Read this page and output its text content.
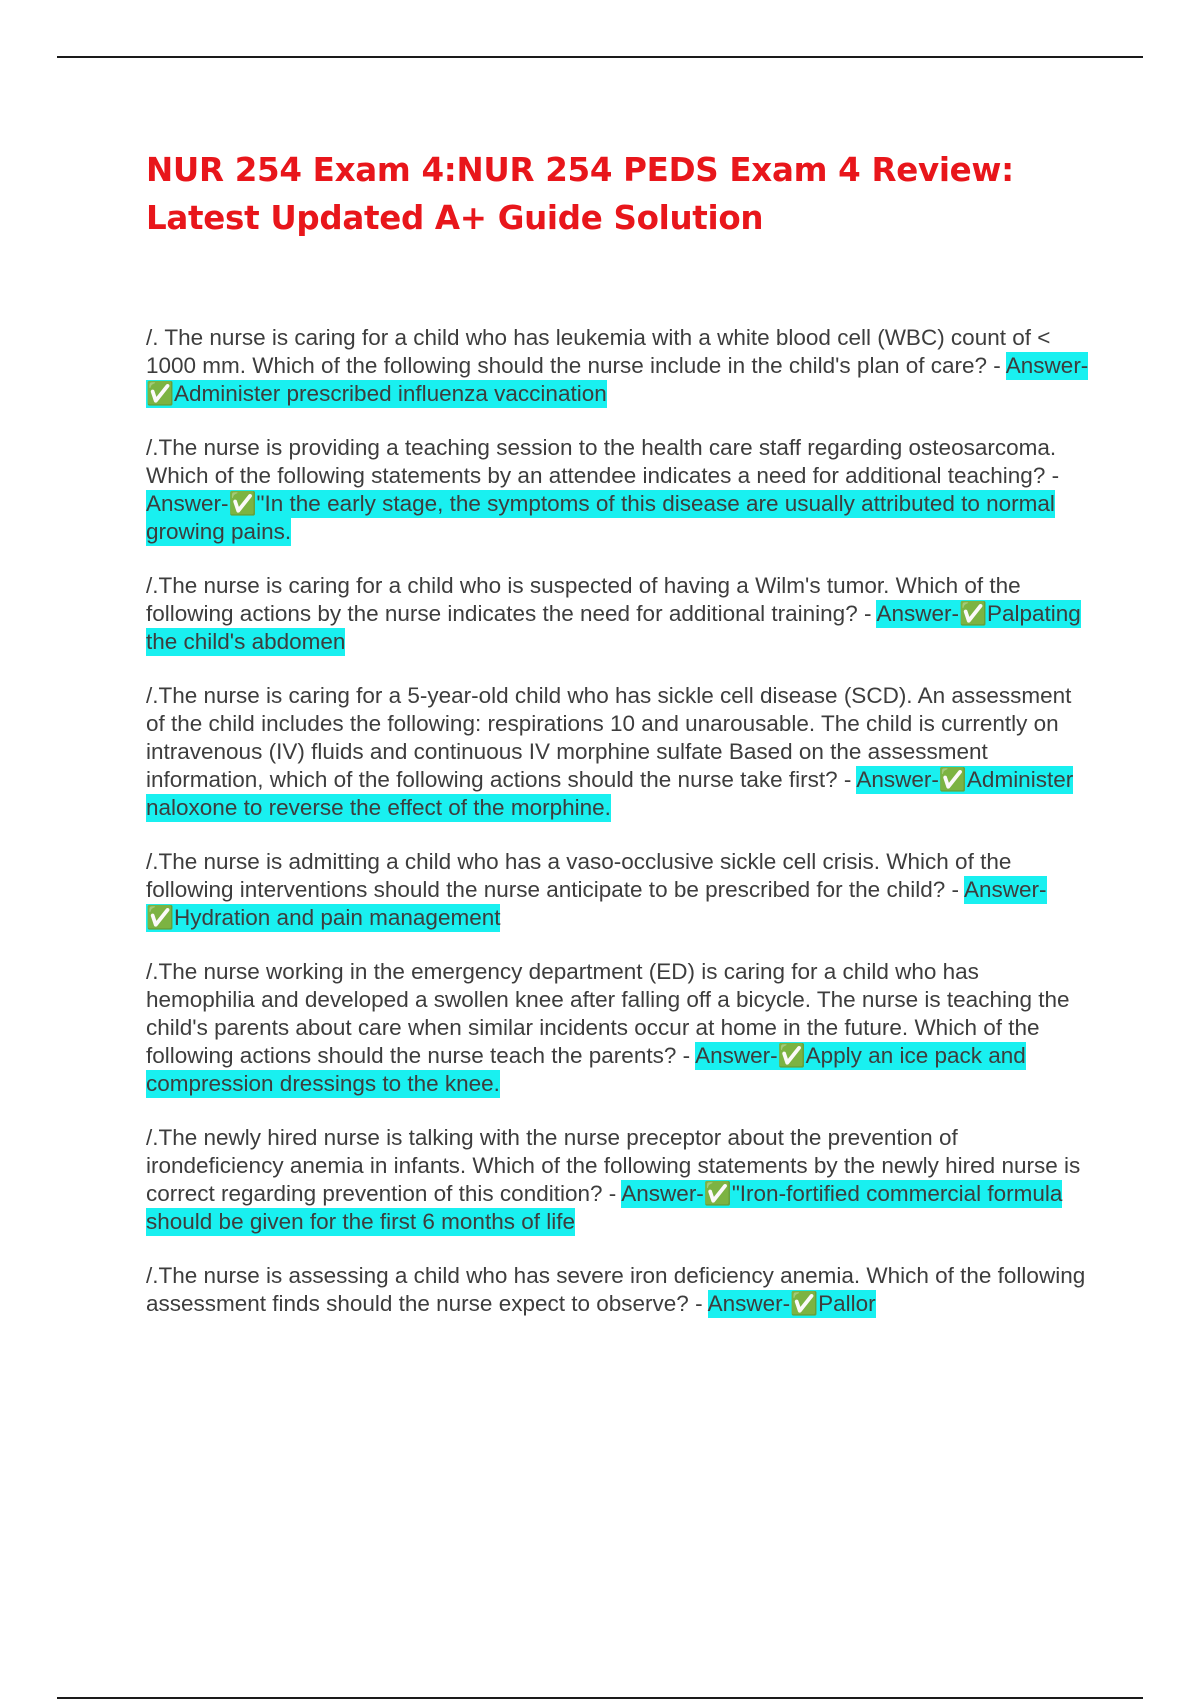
NUR 254 Exam 4:NUR 254 PEDS Exam 4 Review: Latest Updated A+ Guide Solution

/. The nurse is caring for a child who has leukemia with a white blood cell (WBC) count of < 1000 mm. Which of the following should the nurse include in the child's plan of care? - Answer-✅Administer prescribed influenza vaccination

/.The nurse is providing a teaching session to the health care staff regarding osteosarcoma. Which of the following statements by an attendee indicates a need for additional teaching? - Answer-✅"In the early stage, the symptoms of this disease are usually attributed to normal growing pains.

/.The nurse is caring for a child who is suspected of having a Wilm's tumor. Which of the following actions by the nurse indicates the need for additional training? - Answer-✅Palpating the child's abdomen

/.The nurse is caring for a 5-year-old child who has sickle cell disease (SCD). An assessment of the child includes the following: respirations 10 and unarousable. The child is currently on intravenous (IV) fluids and continuous IV morphine sulfate Based on the assessment information, which of the following actions should the nurse take first? - Answer-✅Administer naloxone to reverse the effect of the morphine.

/.The nurse is admitting a child who has a vaso-occlusive sickle cell crisis. Which of the following interventions should the nurse anticipate to be prescribed for the child? - Answer-✅Hydration and pain management

/.The nurse working in the emergency department (ED) is caring for a child who has hemophilia and developed a swollen knee after falling off a bicycle. The nurse is teaching the child's parents about care when similar incidents occur at home in the future. Which of the following actions should the nurse teach the parents? - Answer-✅Apply an ice pack and compression dressings to the knee.

/.The newly hired nurse is talking with the nurse preceptor about the prevention of irondeficiency anemia in infants. Which of the following statements by the newly hired nurse is correct regarding prevention of this condition? - Answer-✅"Iron-fortified commercial formula should be given for the first 6 months of life

/.The nurse is assessing a child who has severe iron deficiency anemia. Which of the following assessment finds should the nurse expect to observe? - Answer-✅Pallor
